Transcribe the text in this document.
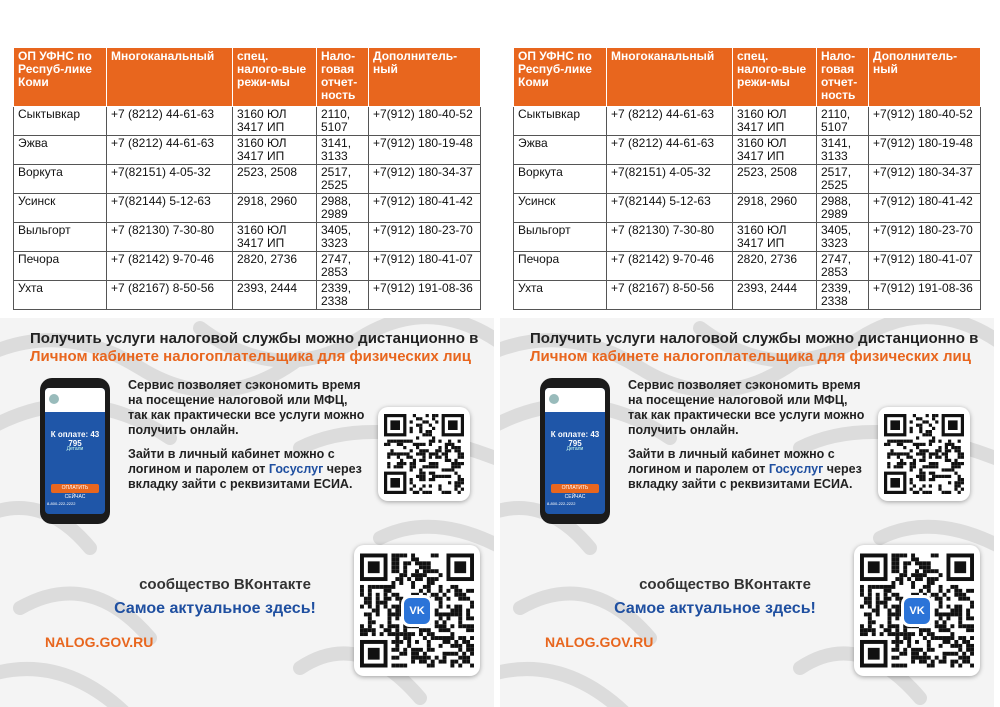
ОП УФНС по Респуб-лике Коми	Многоканальный	спец. налого-вые режи-мы	Нало-говая отчет-ность	Дополнитель-ный
Сыктывкар	+7 (8212) 44-61-63	3160 ЮЛ 3417 ИП	2110, 5107	+7(912) 180-40-52
Эжва	+7 (8212) 44-61-63	3160 ЮЛ 3417 ИП	3141, 3133	+7(912) 180-19-48
Воркута	+7(82151) 4-05-32	2523, 2508	2517, 2525	+7(912) 180-34-37
Усинск	+7(82144) 5-12-63	2918, 2960	2988, 2989	+7(912) 180-41-42
Выльгорт	+7 (82130) 7-30-80	3160 ЮЛ 3417 ИП	3405, 3323	+7(912) 180-23-70
Печора	+7 (82142) 9-70-46	2820, 2736	2747, 2853	+7(912) 180-41-07
Ухта	+7 (82167) 8-50-56	2393, 2444	2339, 2338	+7(912) 191-08-36
Получить услуги налоговой службы можно дистанционно в
Личном кабинете налогоплательщика для физических лиц
К оплате: 43 795
Детали
ОПЛАТИТЬ СЕЙЧАС
8-800-222-2222

Сервис позволяет сэкономить время на посещение налоговой или МФЦ, так как практически все услуги можно получить онлайн.

Зайти в личный кабинет можно с логином и паролем от Госуслуг через вкладку зайти с реквизитами ЕСИА.

сообщество ВКонтакте
Самое актуальное здесь!
NALOG.GOV.RU
VK
ОП УФНС по Респуб-лике Коми	Многоканальный	спец. налого-вые режи-мы	Нало-говая отчет-ность	Дополнитель-ный
Сыктывкар	+7 (8212) 44-61-63	3160 ЮЛ 3417 ИП	2110, 5107	+7(912) 180-40-52
Эжва	+7 (8212) 44-61-63	3160 ЮЛ 3417 ИП	3141, 3133	+7(912) 180-19-48
Воркута	+7(82151) 4-05-32	2523, 2508	2517, 2525	+7(912) 180-34-37
Усинск	+7(82144) 5-12-63	2918, 2960	2988, 2989	+7(912) 180-41-42
Выльгорт	+7 (82130) 7-30-80	3160 ЮЛ 3417 ИП	3405, 3323	+7(912) 180-23-70
Печора	+7 (82142) 9-70-46	2820, 2736	2747, 2853	+7(912) 180-41-07
Ухта	+7 (82167) 8-50-56	2393, 2444	2339, 2338	+7(912) 191-08-36
Получить услуги налоговой службы можно дистанционно в
Личном кабинете налогоплательщика для физических лиц
К оплате: 43 795
Детали
ОПЛАТИТЬ СЕЙЧАС
8-800-222-2222

Сервис позволяет сэкономить время на посещение налоговой или МФЦ, так как практически все услуги можно получить онлайн.

Зайти в личный кабинет можно с логином и паролем от Госуслуг через вкладку зайти с реквизитами ЕСИА.

сообщество ВКонтакте
Самое актуальное здесь!
NALOG.GOV.RU
VK
